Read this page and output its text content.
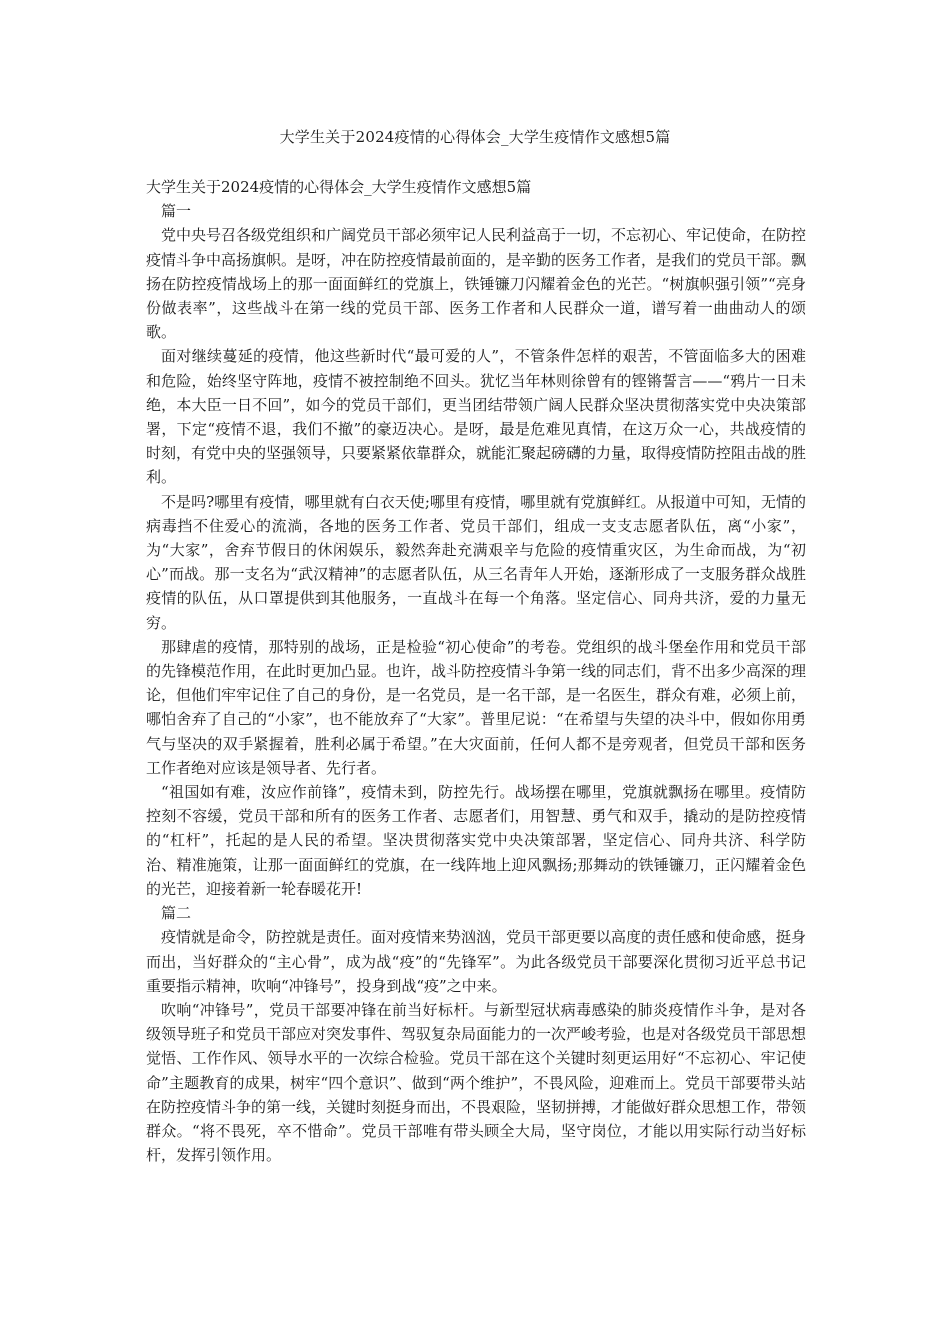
大学生关于2024疫情的心得体会_大学生疫情作文感想5篇

大学生关于2024疫情的心得体会_大学生疫情作文感想5篇

篇一

党中央号召各级党组织和广阔党员干部必须牢记人民利益高于一切，不忘初心、牢记使命，在防控疫情斗争中高扬旗帜。是呀，冲在防控疫情最前面的，是辛勤的医务工作者，是我们的党员干部。飘扬在防控疫情战场上的那一面面鲜红的党旗上，铁锤镰刀闪耀着金色的光芒。“树旗帜强引领”“亮身份做表率”，这些战斗在第一线的党员干部、医务工作者和人民群众一道，谱写着一曲曲动人的颂歌。

面对继续蔓延的疫情，他这些新时代“最可爱的人”，不管条件怎样的艰苦，不管面临多大的困难和危险，始终坚守阵地，疫情不被控制绝不回头。犹忆当年林则徐曾有的铿锵誓言——“鸦片一日未绝，本大臣一日不回”，如今的党员干部们，更当团结带领广阔人民群众坚决贯彻落实党中央决策部署，下定“疫情不退，我们不撤”的豪迈决心。是呀，最是危难见真情，在这万众一心，共战疫情的时刻，有党中央的坚强领导，只要紧紧依靠群众，就能汇聚起磅礴的力量，取得疫情防控阻击战的胜利。

不是吗?哪里有疫情，哪里就有白衣天使;哪里有疫情，哪里就有党旗鲜红。从报道中可知，无情的病毒挡不住爱心的流淌，各地的医务工作者、党员干部们，组成一支支志愿者队伍，离“小家”，为“大家”，舍弃节假日的休闲娱乐，毅然奔赴充满艰辛与危险的疫情重灾区，为生命而战，为“初心”而战。那一支名为“武汉精神”的志愿者队伍，从三名青年人开始，逐渐形成了一支服务群众战胜疫情的队伍，从口罩提供到其他服务，一直战斗在每一个角落。坚定信心、同舟共济，爱的力量无穷。

那肆虐的疫情，那特别的战场，正是检验“初心使命”的考卷。党组织的战斗堡垒作用和党员干部的先锋模范作用，在此时更加凸显。也许，战斗防控疫情斗争第一线的同志们，背不出多少高深的理论，但他们牢牢记住了自己的身份，是一名党员，是一名干部，是一名医生，群众有难，必须上前，哪怕舍弃了自己的“小家”，也不能放弃了“大家”。普里尼说：“在希望与失望的决斗中，假如你用勇气与坚决的双手紧握着，胜利必属于希望。”在大灾面前，任何人都不是旁观者，但党员干部和医务工作者绝对应该是领导者、先行者。

“祖国如有难，汝应作前锋”，疫情未到，防控先行。战场摆在哪里，党旗就飘扬在哪里。疫情防控刻不容缓，党员干部和所有的医务工作者、志愿者们，用智慧、勇气和双手，撬动的是防控疫情的“杠杆”，托起的是人民的希望。坚决贯彻落实党中央决策部署，坚定信心、同舟共济、科学防治、精准施策，让那一面面鲜红的党旗，在一线阵地上迎风飘扬;那舞动的铁锤镰刀，正闪耀着金色的光芒，迎接着新一轮春暖花开!

篇二

疫情就是命令，防控就是责任。面对疫情来势汹汹，党员干部更要以高度的责任感和使命感，挺身而出，当好群众的“主心骨”，成为战“疫”的“先锋军”。为此各级党员干部要深化贯彻习近平总书记重要指示精神，吹响“冲锋号”，投身到战“疫”之中来。

吹响“冲锋号”，党员干部要冲锋在前当好标杆。与新型冠状病毒感染的肺炎疫情作斗争，是对各级领导班子和党员干部应对突发事件、驾驭复杂局面能力的一次严峻考验，也是对各级党员干部思想觉悟、工作作风、领导水平的一次综合检验。党员干部在这个关键时刻更运用好“不忘初心、牢记使命”主题教育的成果，树牢“四个意识”、做到“两个维护”，不畏风险，迎难而上。党员干部要带头站在防控疫情斗争的第一线，关键时刻挺身而出，不畏艰险，坚韧拼搏，才能做好群众思想工作，带领群众。“将不畏死，卒不惜命”。党员干部唯有带头顾全大局，坚守岗位，才能以用实际行动当好标杆，发挥引领作用。
